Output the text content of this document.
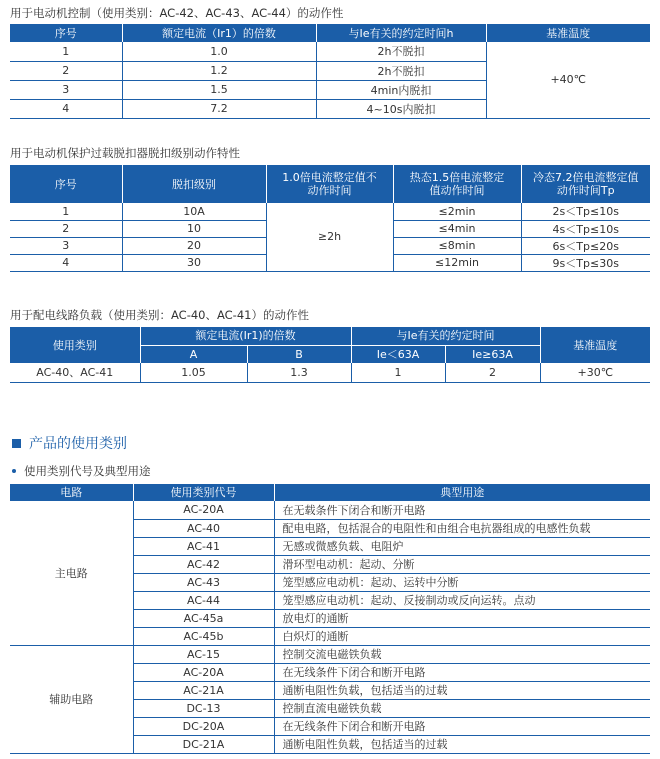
用于电动机控制（使用类别：AC-42、AC-43、AC-44）的动作性
序号	额定电流（Ir1）的倍数	与Ie有关的约定时间h	基准温度
1	1.0	2h不脱扣	+40℃
2	1.2	2h不脱扣	
3	1.5	4min内脱扣	
4	7.2	4~10s内脱扣	
用于电动机保护过载脱扣器脱扣级别动作特性
序号	脱扣级别	1.0倍电流整定值不动作时间	热态1.5倍电流整定值动作时间	冷态7.2倍电流整定值动作时间Tp
1	10A	≥2h	≤2min	2s＜Tp≤10s
2	10		≤4min	4s＜Tp≤10s
3	20		≤8min	6s＜Tp≤20s
4	30		≤12min	9s＜Tp≤30s
用于配电线路负载（使用类别：AC-40、AC-41）的动作性
使用类别	额定电流(Ir1)的倍数		与Ie有关的约定时间		基准温度
	A	B	Ie＜63A	Ie≥63A	
AC-40、AC-41	1.05	1.3	1	2	+30℃
产品的使用类别
使用类别代号及典型用途
电路	使用类别代号	典型用途
主电路	AC-20A	在无载条件下闭合和断开电路
	AC-40	配电电路，包括混合的电阻性和由组合电抗器组成的电感性负载
	AC-41	无感或微感负载、电阻炉
	AC-42	滑环型电动机：起动、分断
	AC-43	笼型感应电动机：起动、运转中分断
	AC-44	笼型感应电动机：起动、反接制动或反向运转。点动
	AC-45a	放电灯的通断
	AC-45b	白炽灯的通断
辅助电路	AC-15	控制交流电磁铁负载
	AC-20A	在无线条件下闭合和断开电路
	AC-21A	通断电阻性负载，包括适当的过载
	DC-13	控制直流电磁铁负载
	DC-20A	在无线条件下闭合和断开电路
	DC-21A	通断电阻性负载，包括适当的过载
